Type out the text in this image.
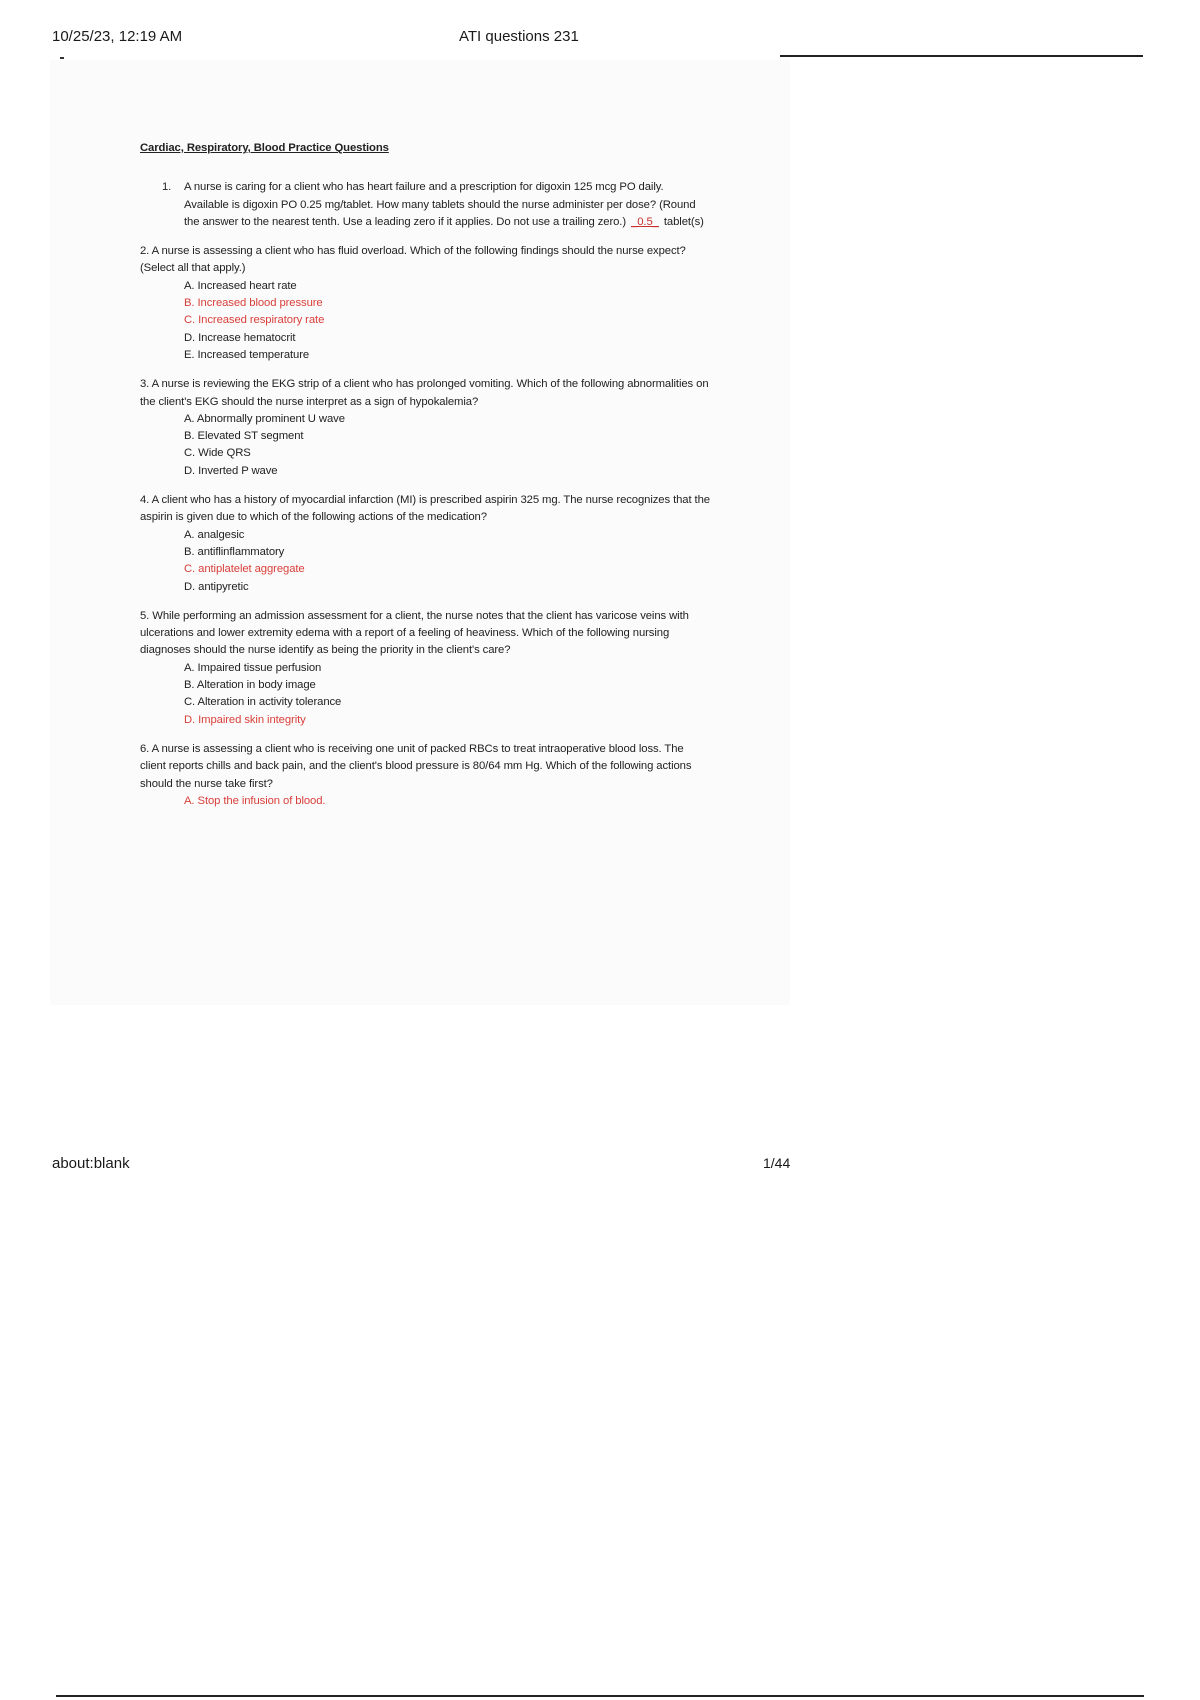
10/25/23, 12:19 AM	ATI questions 231

Cardiac, Respiratory, Blood Practice Questions

1.	A nurse is caring for a client who has heart failure and a prescription for digoxin 125 mcg PO daily. Available is digoxin PO 0.25 mg/tablet. How many tablets should the nurse administer per dose? (Round the answer to the nearest tenth. Use a leading zero if it applies. Do not use a trailing zero.) _0.5_ tablet(s)

2. A nurse is assessing a client who has fluid overload. Which of the following findings should the nurse expect? (Select all that apply.)

A. Increased heart rate
B. Increased blood pressure
C. Increased respiratory rate
D. Increase hematocrit
E. Increased temperature

3. A nurse is reviewing the EKG strip of a client who has prolonged vomiting. Which of the following abnormalities on the client's EKG should the nurse interpret as a sign of hypokalemia?

A. Abnormally prominent U wave
B. Elevated ST segment
C. Wide QRS
D. Inverted P wave

4. A client who has a history of myocardial infarction (MI) is prescribed aspirin 325 mg. The nurse recognizes that the aspirin is given due to which of the following actions of the medication?

A. analgesic
B. antiflinflammatory
C. antiplatelet aggregate
D. antipyretic

5. While performing an admission assessment for a client, the nurse notes that the client has varicose veins with ulcerations and lower extremity edema with a report of a feeling of heaviness. Which of the following nursing diagnoses should the nurse identify as being the priority in the client's care?

A. Impaired tissue perfusion
B. Alteration in body image
C. Alteration in activity tolerance
D. Impaired skin integrity

6. A nurse is assessing a client who is receiving one unit of packed RBCs to treat intraoperative blood loss. The client reports chills and back pain, and the client's blood pressure is 80/64 mm Hg. Which of the following actions should the nurse take first?

A. Stop the infusion of blood.
about:blank	1/44
